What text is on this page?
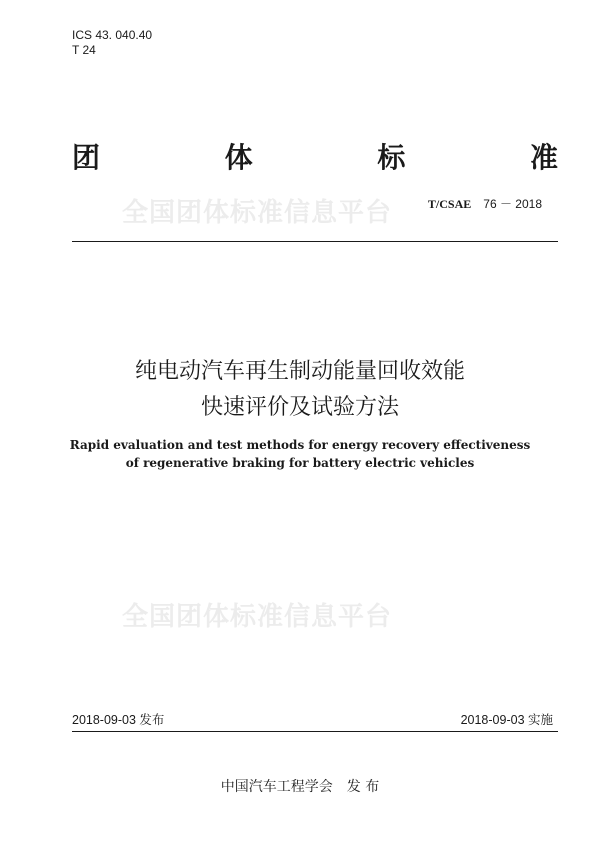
ICS 43. 040.40
T 24
团	体	标	准
全国团体标准信息平台	T/CSAE 76 － 2018
纯电动汽车再生制动能量回收效能
快速评价及试验方法
Rapid evaluation and test methods for energy recovery effectiveness
of regenerative braking for battery electric vehicles
全国团体标准信息平台
2018-09-03 发布	2018-09-03 实施
中国汽车工程学会　发 布
